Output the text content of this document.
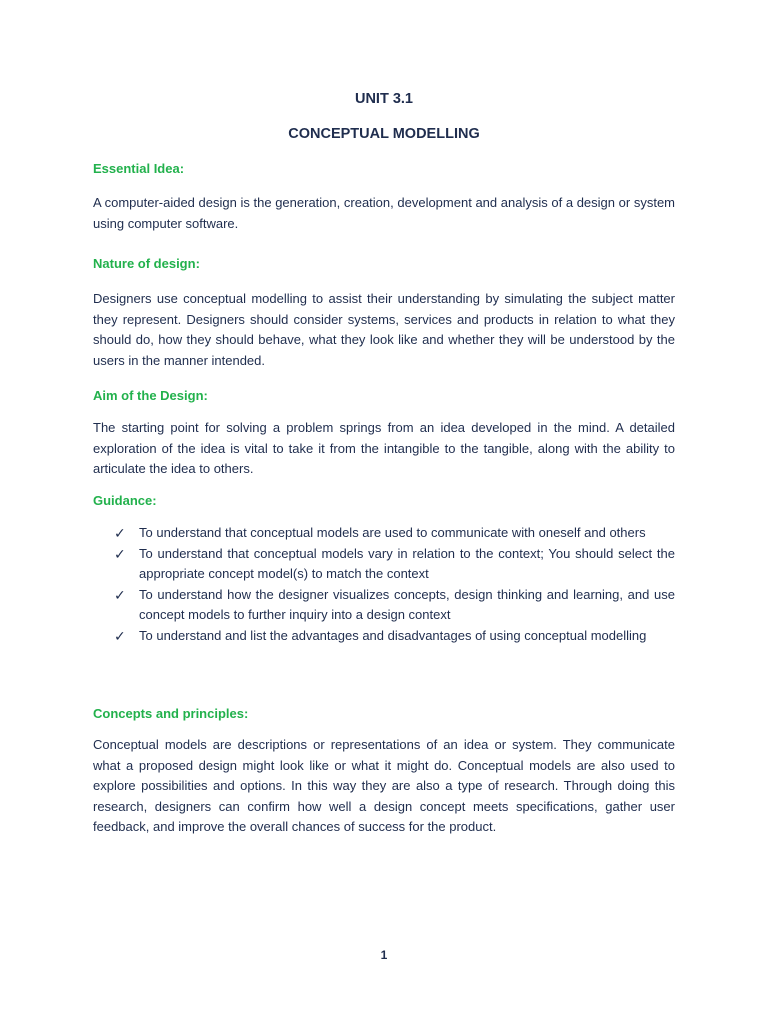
UNIT 3.1

CONCEPTUAL MODELLING

Essential Idea:

A computer-aided design is the generation, creation, development and analysis of a design or system using computer software.

Nature of design:

Designers use conceptual modelling to assist their understanding by simulating the subject matter they represent. Designers should consider systems, services and products in relation to what they should do, how they should behave, what they look like and whether they will be understood by the users in the manner intended.

Aim of the Design:

The starting point for solving a problem springs from an idea developed in the mind. A detailed exploration of the idea is vital to take it from the intangible to the tangible, along with the ability to articulate the idea to others.

Guidance:

✓ To understand that conceptual models are used to communicate with oneself and others
✓ To understand that conceptual models vary in relation to the context; You should select the appropriate concept model(s) to match the context
✓ To understand how the designer visualizes concepts, design thinking and learning, and use concept models to further inquiry into a design context
✓ To understand and list the advantages and disadvantages of using conceptual modelling

Concepts and principles:

Conceptual models are descriptions or representations of an idea or system. They communicate what a proposed design might look like or what it might do. Conceptual models are also used to explore possibilities and options. In this way they are also a type of research. Through doing this research, designers can confirm how well a design concept meets specifications, gather user feedback, and improve the overall chances of success for the product.

1
